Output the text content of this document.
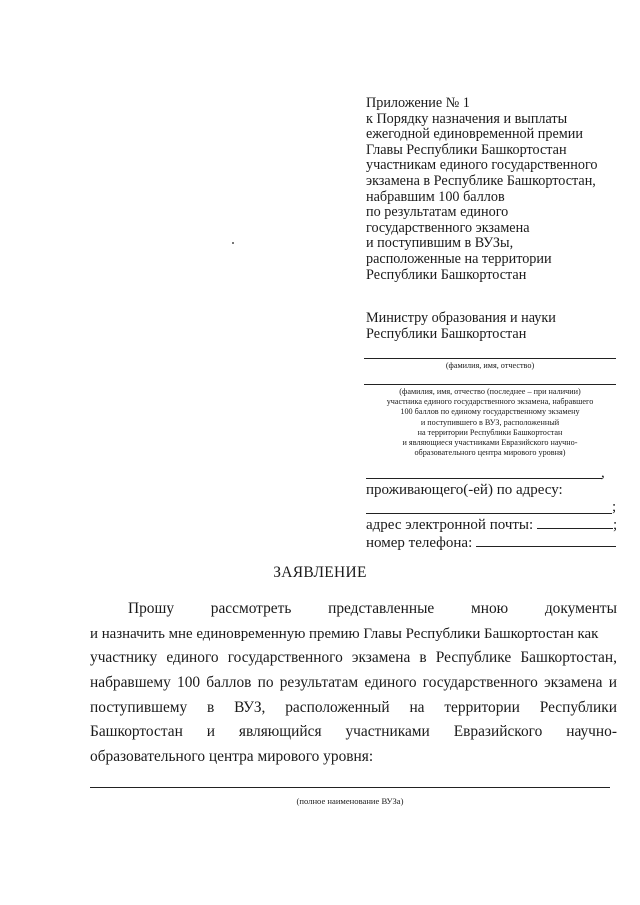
Приложение № 1
к Порядку назначения и выплаты
ежегодной единовременной премии
Главы Республики Башкортостан
участникам единого государственного
экзамена в Республике Башкортостан,
набравшим 100 баллов
по результатам единого
государственного экзамена
и поступившим в ВУЗы,
расположенные на территории
Республики Башкортостан
Министру образования и науки
Республики Башкортостан
(фамилия, имя, отчество)
(фамилия, имя, отчество (последнее – при наличии)
участника единого государственного экзамена, набравшего
100 баллов по единому государственному экзамену
и поступившего в ВУЗ, расположенный
на территории Республики Башкортостан
и являющиеся участниками Евразийского научно-
образовательного центра мирового уровня)
,
проживающего(-ей) по адресу:
;
адрес электронной почты:	;
номер телефона:
ЗАЯВЛЕНИЕ
Прошу рассмотреть представленные мною документы
и назначить мне единовременную премию Главы Республики Башкортостан как
участнику единого государственного экзамена в Республике Башкортостан,
набравшему 100 баллов по результатам единого государственного экзамена и
поступившему в ВУЗ, расположенный на территории Республики
Башкортостан и являющийся участниками Евразийского научно-
образовательного центра мирового уровня:
(полное наименование ВУЗа)
